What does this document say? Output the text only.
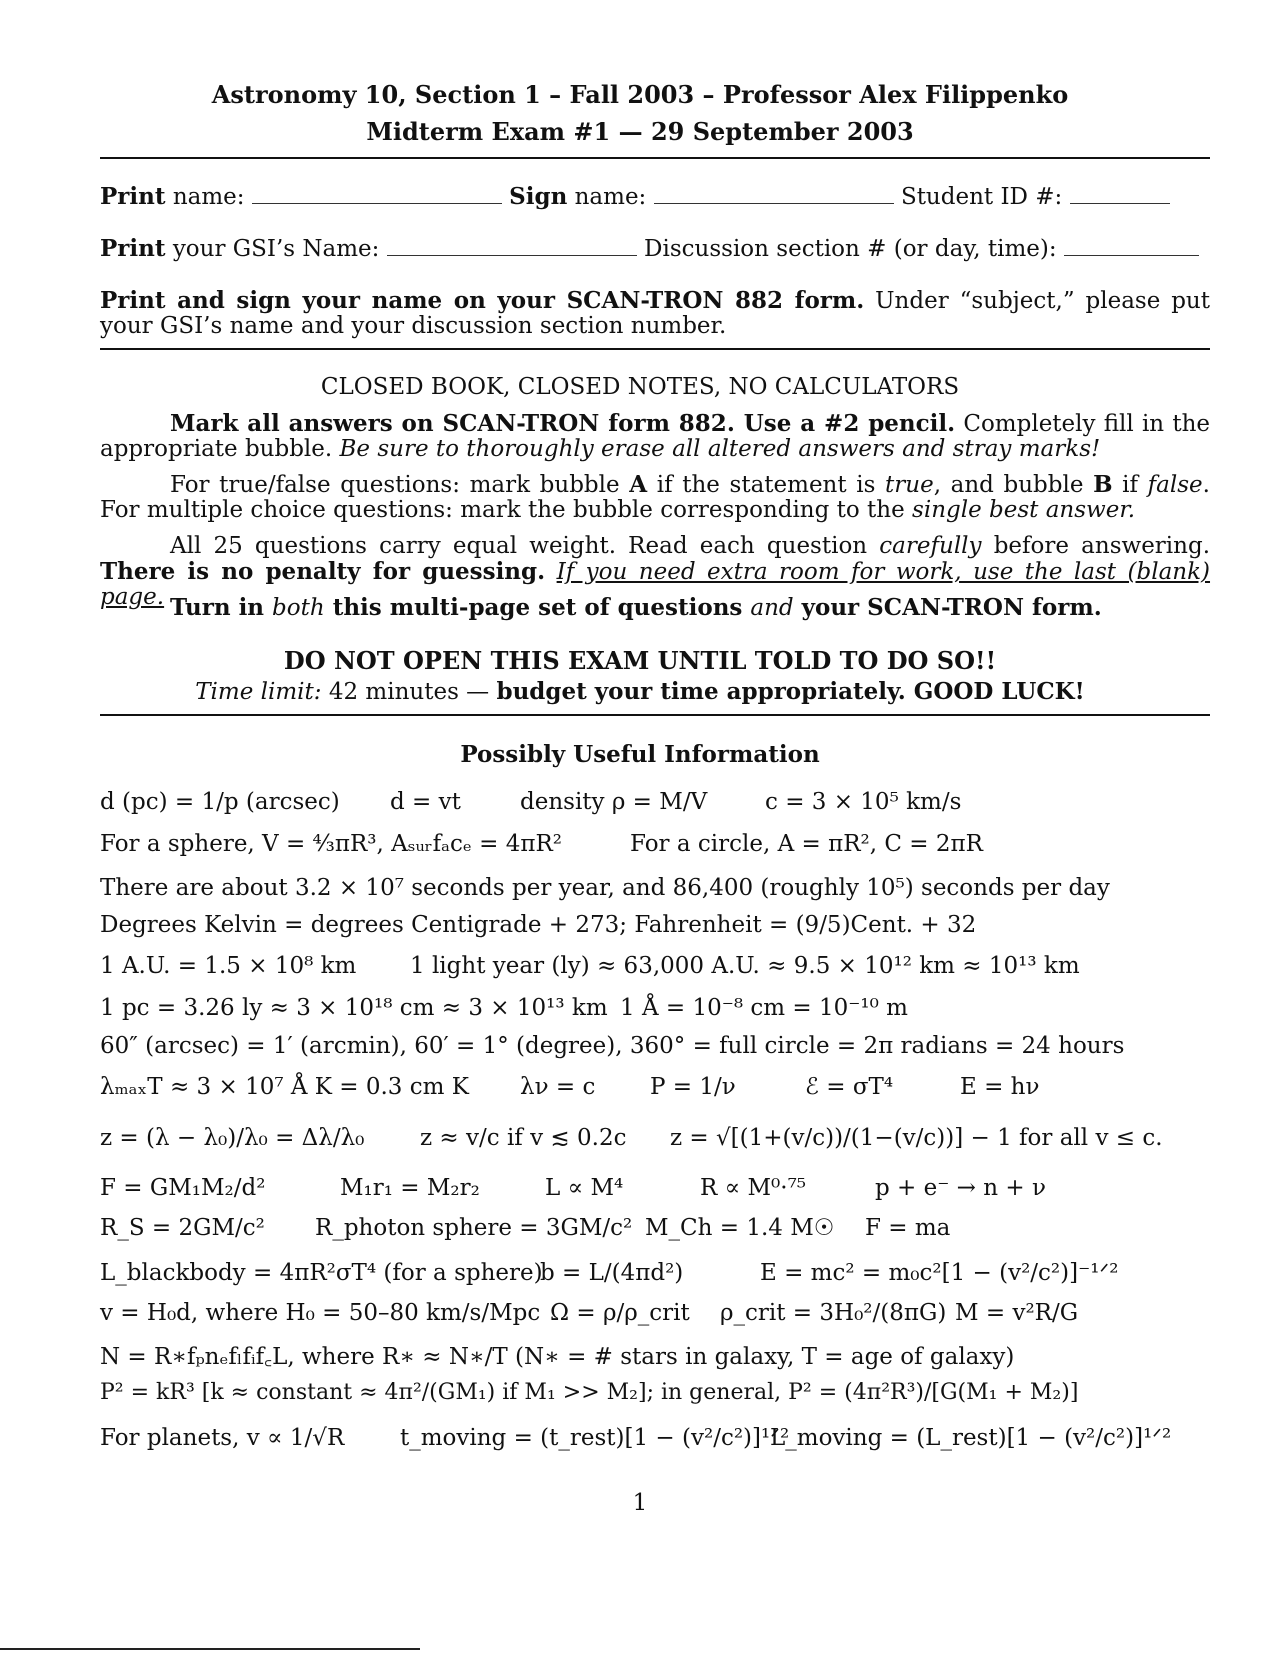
Astronomy 10, Section 1 – Fall 2003 – Professor Alex Filippenko
Midterm Exam #1 — 29 September 2003
Print name:	Sign name:	Student ID #:
Print your GSI’s Name:	Discussion section # (or day, time):
Print and sign your name on your SCAN-TRON 882 form. Under “subject,” please put your GSI’s name and your discussion section number.
CLOSED BOOK, CLOSED NOTES, NO CALCULATORS
Mark all answers on SCAN-TRON form 882. Use a #2 pencil. Completely fill in the appropriate bubble. Be sure to thoroughly erase all altered answers and stray marks!
For true/false questions: mark bubble A if the statement is true, and bubble B if false. For multiple choice questions: mark the bubble corresponding to the single best answer.
All 25 questions carry equal weight. Read each question carefully before answering. There is no penalty for guessing. If you need extra room for work, use the last (blank) page. Turn in both this multi-page set of questions and your SCAN-TRON form.
DO NOT OPEN THIS EXAM UNTIL TOLD TO DO SO!!
Time limit: 42 minutes — budget your time appropriately. GOOD LUCK!
Possibly Useful Information
d (pc) = 1/p (arcsec) d = vt	density ρ = M/V	c = 3 × 10⁵ km/s
For a sphere, V = ⁴⁄₃πR³, Aₛᵤᵣfₐcₑ = 4πR²	For a circle, A = πR², C = 2πR
There are about 3.2 × 10⁷ seconds per year, and 86,400 (roughly 10⁵) seconds per day
Degrees Kelvin = degrees Centigrade + 273; Fahrenheit = (9/5)Cent. + 32
1 A.U. = 1.5 × 10⁸ km 1 light year (ly) ≈ 63,000 A.U. ≈ 9.5 × 10¹² km ≈ 10¹³ km
1 pc = 3.26 ly ≈ 3 × 10¹⁸ cm ≈ 3 × 10¹³ km 1 Å = 10⁻⁸ cm = 10⁻¹⁰ m
60″ (arcsec) = 1′ (arcmin), 60′ = 1° (degree), 360° = full circle = 2π radians = 24 hours
λₘₐₓT ≈ 3 × 10⁷ Å K = 0.3 cm K λν = c P = 1/ν	ℰ = σT⁴	E = hν
z = (λ − λ₀)/λ₀ = Δλ/λ₀ z ≈ v/c if v ≲ 0.2c z = √[(1+(v/c))/(1−(v/c))] − 1 for all v ≤ c.
F = GM₁M₂/d²	M₁r₁ = M₂r₂	L ∝ M⁴	R ∝ M⁰·⁷⁵	p + e⁻ → n + ν
R_S = 2GM/c² R_photon sphere = 3GM/c² M_Ch = 1.4 M☉ F = ma
L_blackbody = 4πR²σT⁴ (for a sphere)b = L/(4πd²)	E = mc² = m₀c²[1 − (v²/c²)]⁻¹ᐟ²
v = H₀d, where H₀ = 50–80 km/s/Mpc Ω = ρ/ρ_crit ρ_crit = 3H₀²/(8πG) M = v²R/G
N = R∗fₚnₑfₗfᵢf꜀L, where R∗ ≈ N∗/T (N∗ = # stars in galaxy, T = age of galaxy)
P² = kR³ [k ≈ constant ≈ 4π²/(GM₁) if M₁ >> M₂]; in general, P² = (4π²R³)/[G(M₁ + M₂)]
For planets, v ∝ 1/√R t_moving = (t_rest)[1 − (v²/c²)]¹ᐟ²L_moving = (L_rest)[1 − (v²/c²)]¹ᐟ²
1
